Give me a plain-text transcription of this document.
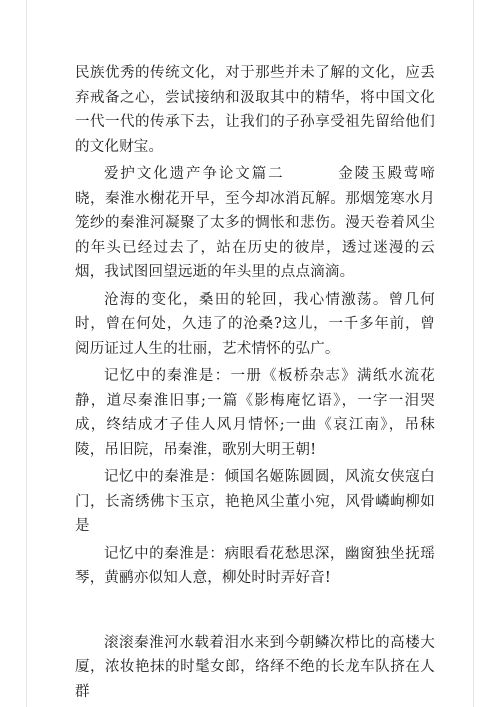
民族优秀的传统文化，对于那些并未了解的文化，应丢弃戒备之心，尝试接纳和汲取其中的精华，将中国文化一代一代的传承下去，让我们的子孙享受祖先留给他们的文化财宝。

爱护文化遗产争论文篇二	金陵玉殿莺啼晓，秦淮水榭花开早，至今却冰消瓦解。那烟笼寒水月笼纱的秦淮河凝聚了太多的惆怅和悲伤。漫天卷着风尘的年头已经过去了，站在历史的彼岸，透过迷漫的云烟，我试图回望远逝的年头里的点点滴滴。

沧海的变化，桑田的轮回，我心情激荡。曾几何时，曾在何处，久违了的沧桑?这儿，一千多年前，曾阅历证过人生的壮丽，艺术情怀的弘广。

记忆中的秦淮是：一册《板桥杂志》满纸水流花静，道尽秦淮旧事;一篇《影梅庵忆语》，一字一泪哭成，终结成才子佳人风月情怀;一曲《哀江南》，吊秣陵，吊旧院，吊秦淮，歌别大明王朝!

记忆中的秦淮是：倾国名姬陈圆圆，风流女侠寇白门，长斋绣佛卞玉京，艳艳风尘董小宛，风骨嶙峋柳如是

记忆中的秦淮是：病眼看花愁思深，幽窗独坐抚瑶琴，黄鹂亦似知人意，柳处时时弄好音!

滚滚秦淮河水载着泪水来到今朝鳞次栉比的高楼大厦，浓妆艳抹的时髦女郎，络绎不绝的长龙车队挤在人群
